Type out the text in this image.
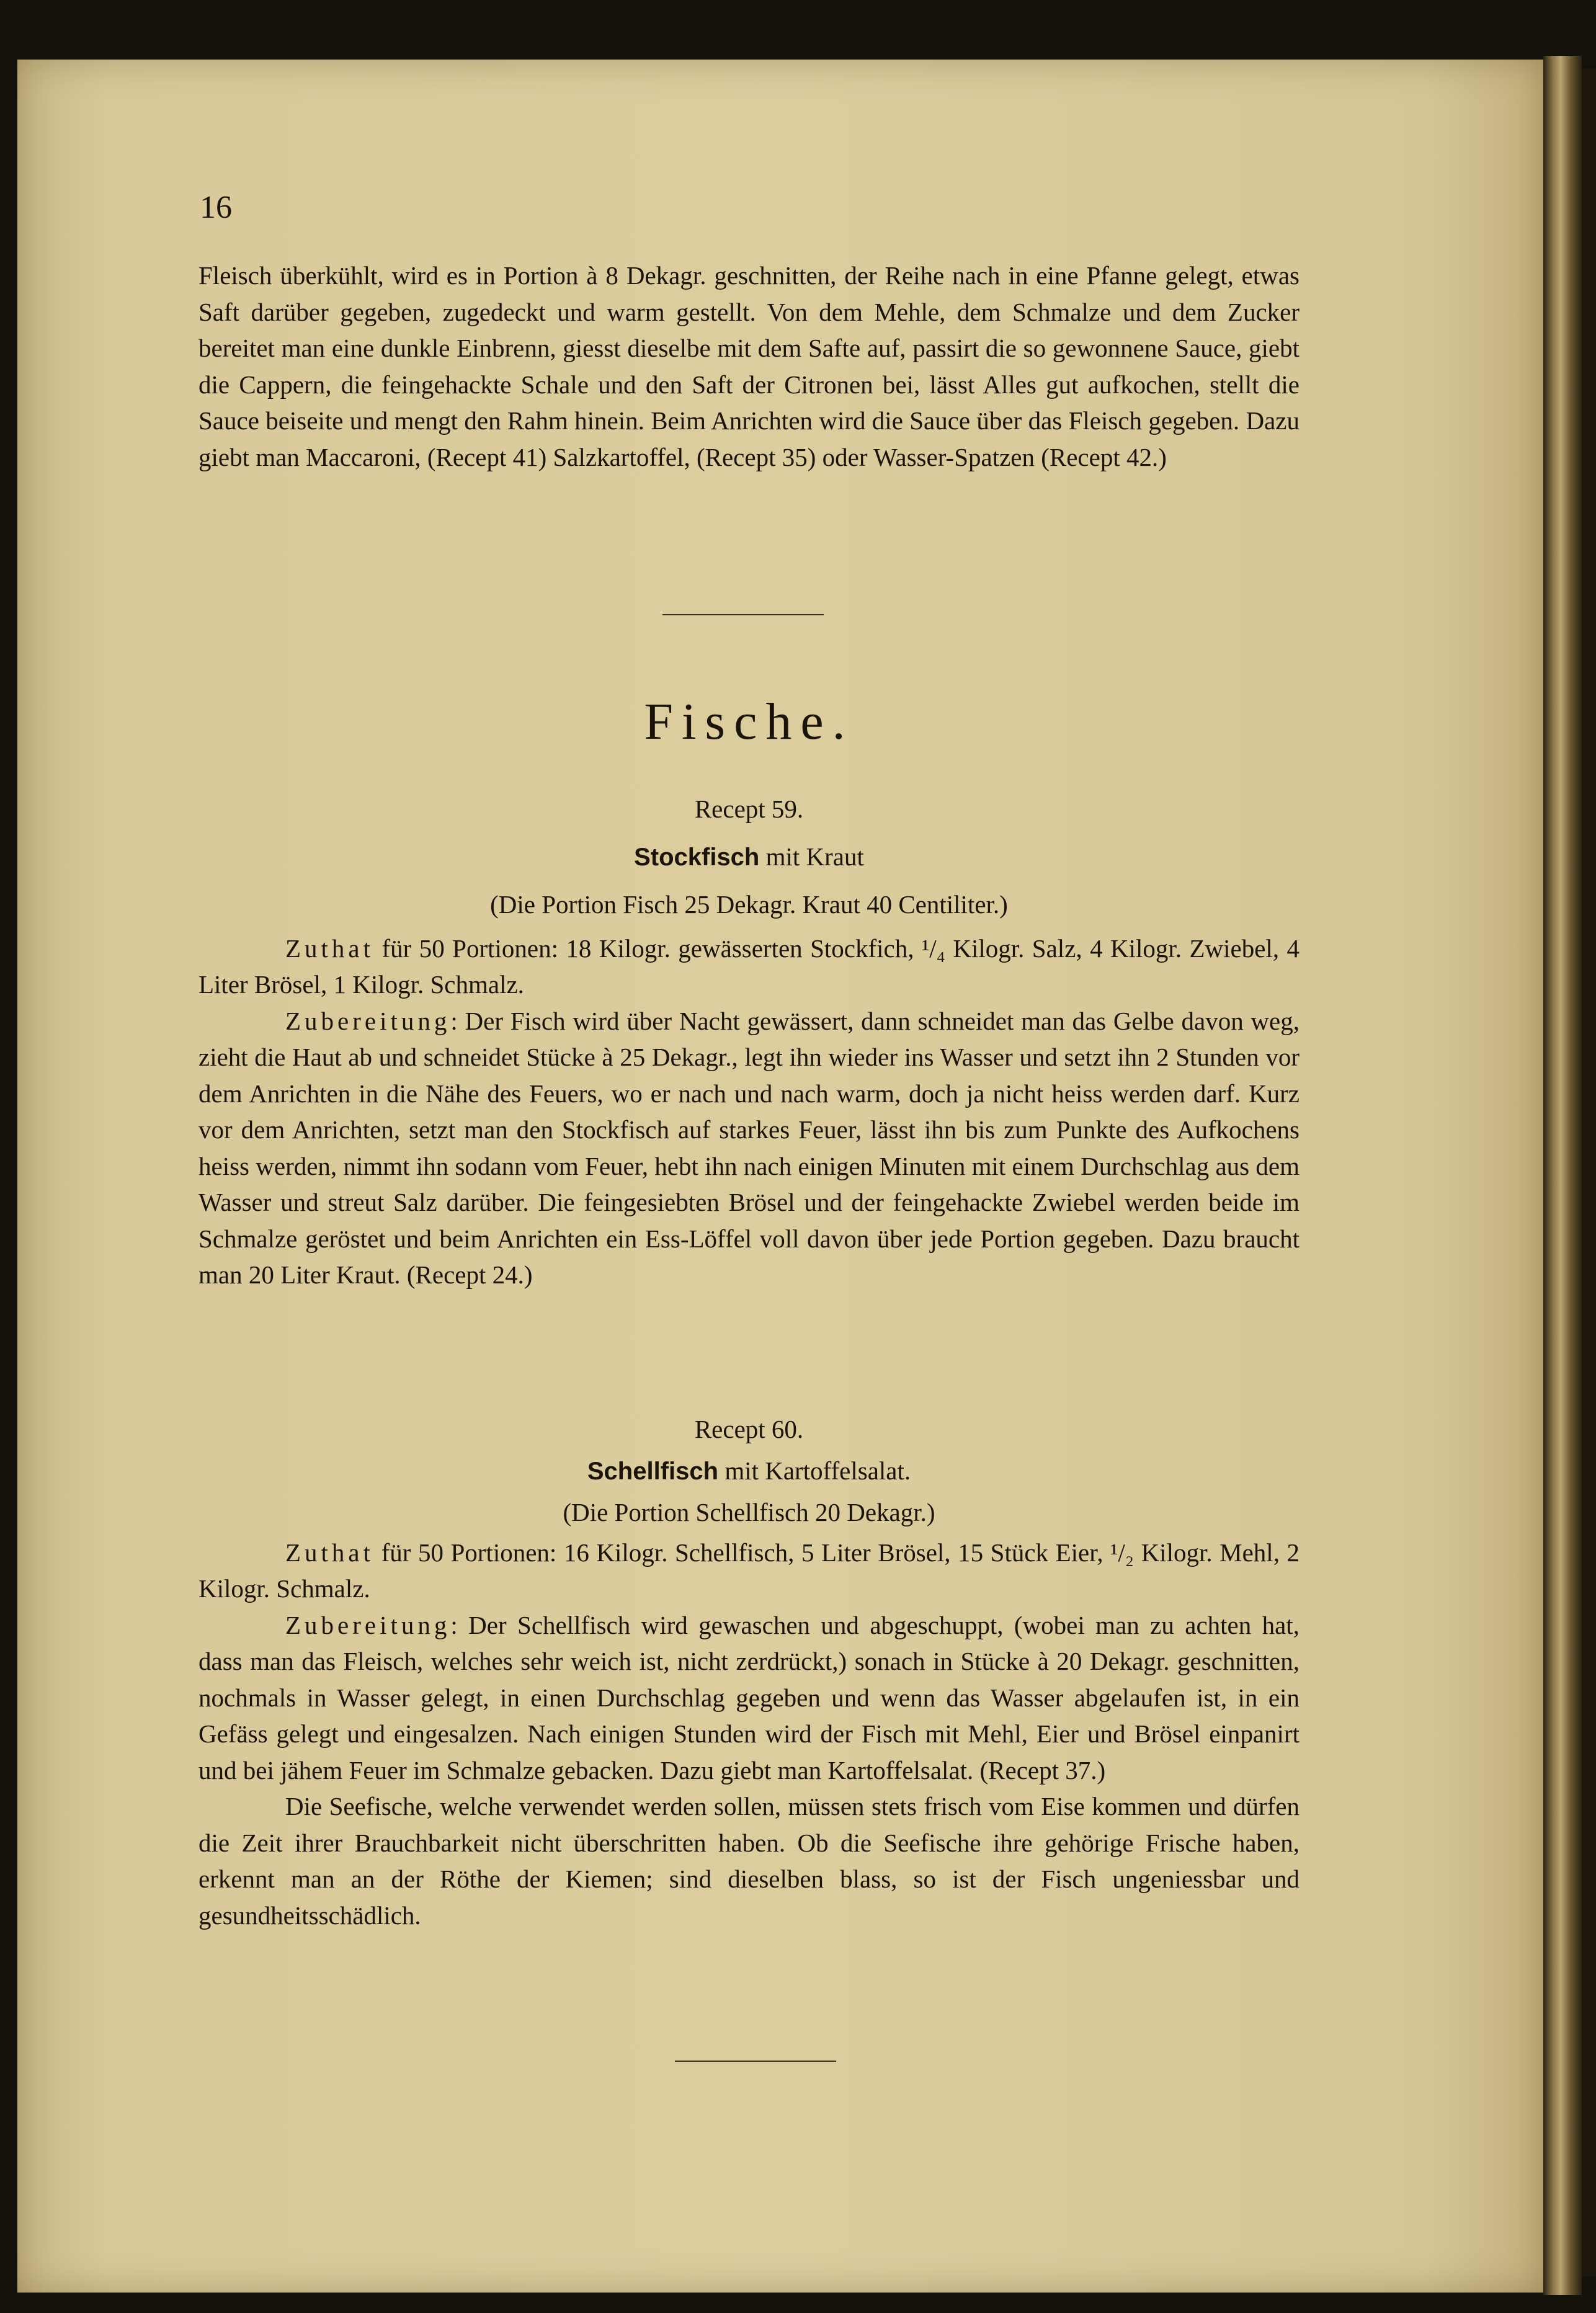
16

Fleisch überkühlt, wird es in Portion à 8 Dekagr. geschnitten, der Reihe nach in eine Pfanne gelegt, etwas Saft darüber gegeben, zugedeckt und warm gestellt. Von dem Mehle, dem Schmalze und dem Zucker bereitet man eine dunkle Einbrenn, giesst dieselbe mit dem Safte auf, passirt die so gewonnene Sauce, giebt die Cappern, die feingehackte Schale und den Saft der Citronen bei, lässt Alles gut aufkochen, stellt die Sauce beiseite und mengt den Rahm hinein. Beim Anrichten wird die Sauce über das Fleisch gegeben. Dazu giebt man Maccaroni, (Recept 41) Salzkartoffel, (Recept 35) oder Wasser-Spatzen (Recept 42.)

Fische.

Recept 59.

Stockfisch mit Kraut

(Die Portion Fisch 25 Dekagr. Kraut 40 Centiliter.)

Zuthat für 50 Portionen: 18 Kilogr. gewässerten Stockfich, ¹/₄ Kilogr. Salz, 4 Kilogr. Zwiebel, 4 Liter Brösel, 1 Kilogr. Schmalz.

Zubereitung: Der Fisch wird über Nacht gewässert, dann schneidet man das Gelbe davon weg, zieht die Haut ab und schneidet Stücke à 25 Dekagr., legt ihn wieder ins Wasser und setzt ihn 2 Stunden vor dem Anrichten in die Nähe des Feuers, wo er nach und nach warm, doch ja nicht heiss werden darf. Kurz vor dem Anrichten, setzt man den Stockfisch auf starkes Feuer, lässt ihn bis zum Punkte des Aufkochens heiss werden, nimmt ihn sodann vom Feuer, hebt ihn nach einigen Minuten mit einem Durchschlag aus dem Wasser und streut Salz darüber. Die feingesiebten Brösel und der feingehackte Zwiebel werden beide im Schmalze geröstet und beim Anrichten ein Ess-Löffel voll davon über jede Portion gegeben. Dazu braucht man 20 Liter Kraut. (Recept 24.)

Recept 60.

Schellfisch mit Kartoffelsalat.

(Die Portion Schellfisch 20 Dekagr.)

Zuthat für 50 Portionen: 16 Kilogr. Schellfisch, 5 Liter Brösel, 15 Stück Eier, ¹/₂ Kilogr. Mehl, 2 Kilogr. Schmalz.

Zubereitung: Der Schellfisch wird gewaschen und abgeschuppt, (wobei man zu achten hat, dass man das Fleisch, welches sehr weich ist, nicht zerdrückt,) sonach in Stücke à 20 Dekagr. geschnitten, nochmals in Wasser gelegt, in einen Durchschlag gegeben und wenn das Wasser abgelaufen ist, in ein Gefäss gelegt und eingesalzen. Nach einigen Stunden wird der Fisch mit Mehl, Eier und Brösel einpanirt und bei jähem Feuer im Schmalze gebacken. Dazu giebt man Kartoffelsalat. (Recept 37.)

Die Seefische, welche verwendet werden sollen, müssen stets frisch vom Eise kommen und dürfen die Zeit ihrer Brauchbarkeit nicht überschritten haben. Ob die Seefische ihre gehörige Frische haben, erkennt man an der Röthe der Kiemen; sind dieselben blass, so ist der Fisch ungeniessbar und gesundheitsschädlich.
